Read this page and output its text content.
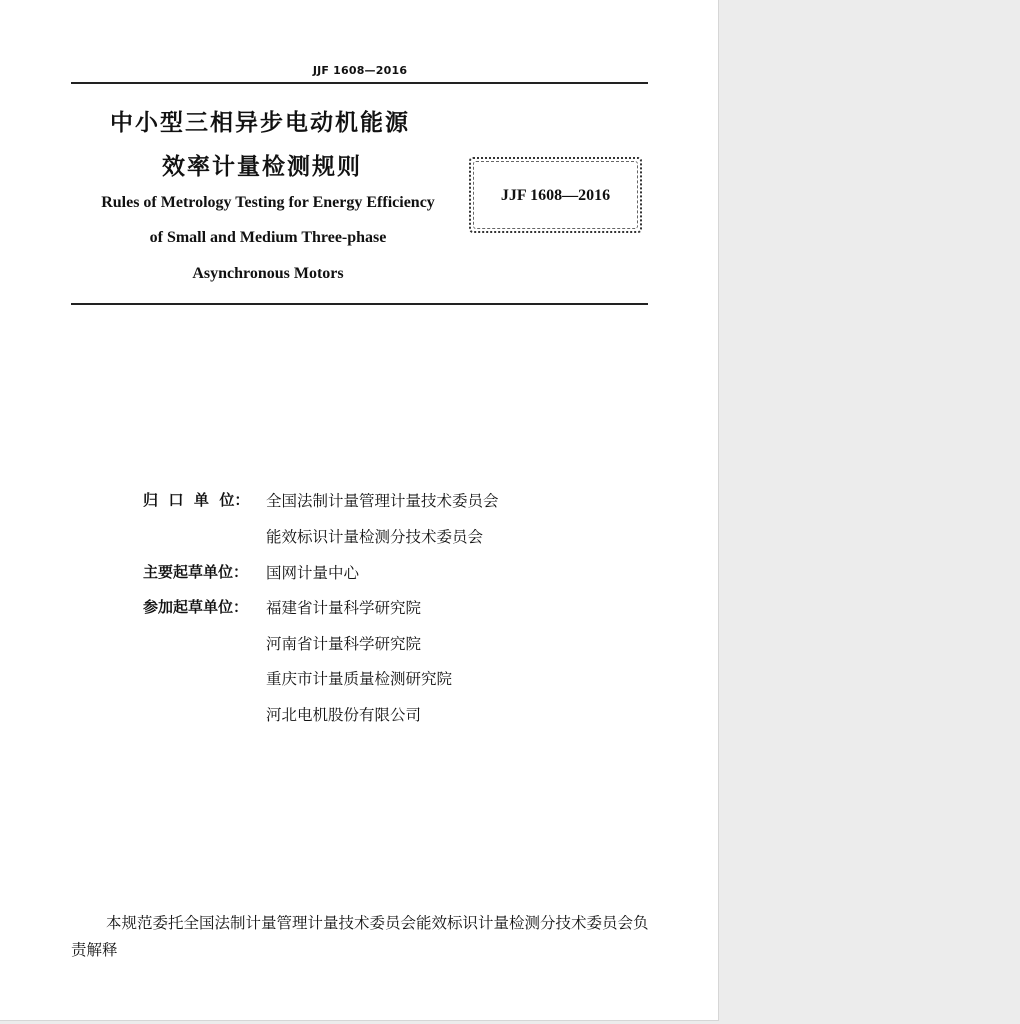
JJF 1608—2016
中小型三相异步电动机能源
效率计量检测规则
Rules of Metrology Testing for Energy Efficiency
of Small and Medium Three-phase
Asynchronous Motors
JJF 1608—2016
归  口  单  位： 全国法制计量管理计量技术委员会
能效标识计量检测分技术委员会
主要起草单位： 国网计量中心
参加起草单位： 福建省计量科学研究院
河南省计量科学研究院
重庆市计量质量检测研究院
河北电机股份有限公司
本规范委托全国法制计量管理计量技术委员会能效标识计量检测分技术委员会负责解释
